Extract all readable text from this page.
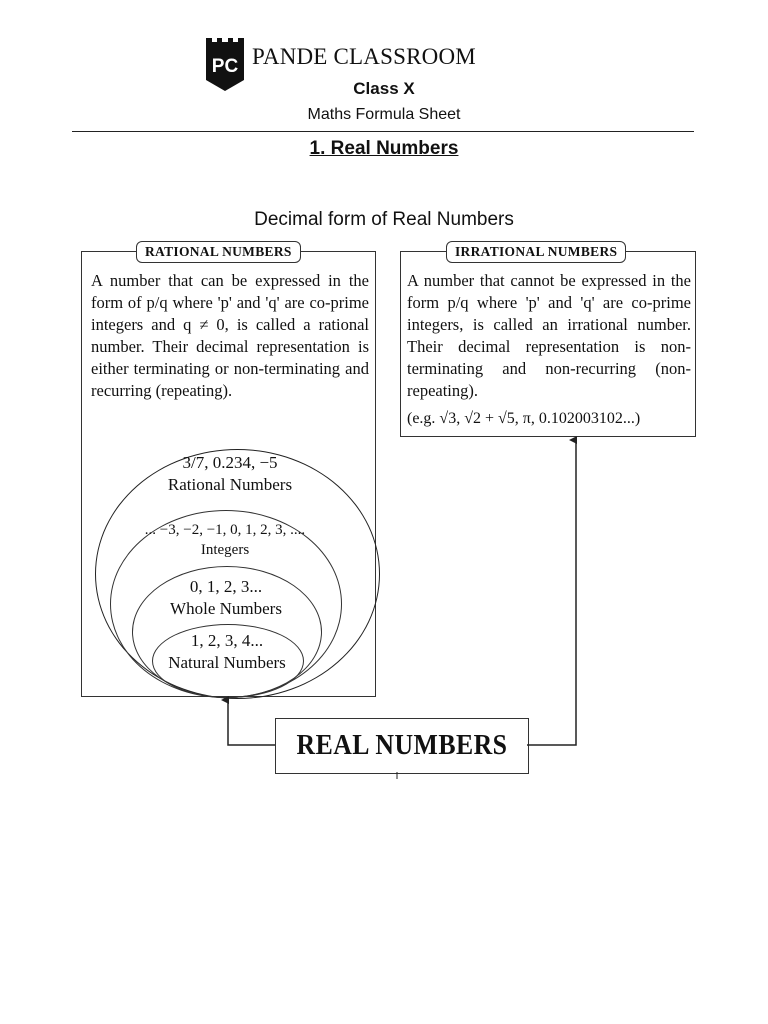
PC PANDE CLASSROOM
Class X
Maths Formula Sheet
1. Real Numbers
Decimal form of Real Numbers
RATIONAL NUMBERS
A number that can be expressed in the form of p/q where 'p' and 'q' are co-prime integers and q ≠ 0, is called a rational number. Their decimal representation is either terminating or non-terminating and recurring (repeating).
3/7, 0.234, −5
Rational Numbers
... −3, −2, −1, 0, 1, 2, 3, ....
Integers
0, 1, 2, 3...
Whole Numbers
1, 2, 3, 4...
Natural Numbers
IRRATIONAL NUMBERS
A number that cannot be expressed in the form p/q where 'p' and 'q' are co-prime integers, is called an irrational number. Their decimal representation is non-terminating and non-recurring (non-repeating).
(e.g. √3, √2 + √5, π, 0.102003102...)
REAL NUMBERS
